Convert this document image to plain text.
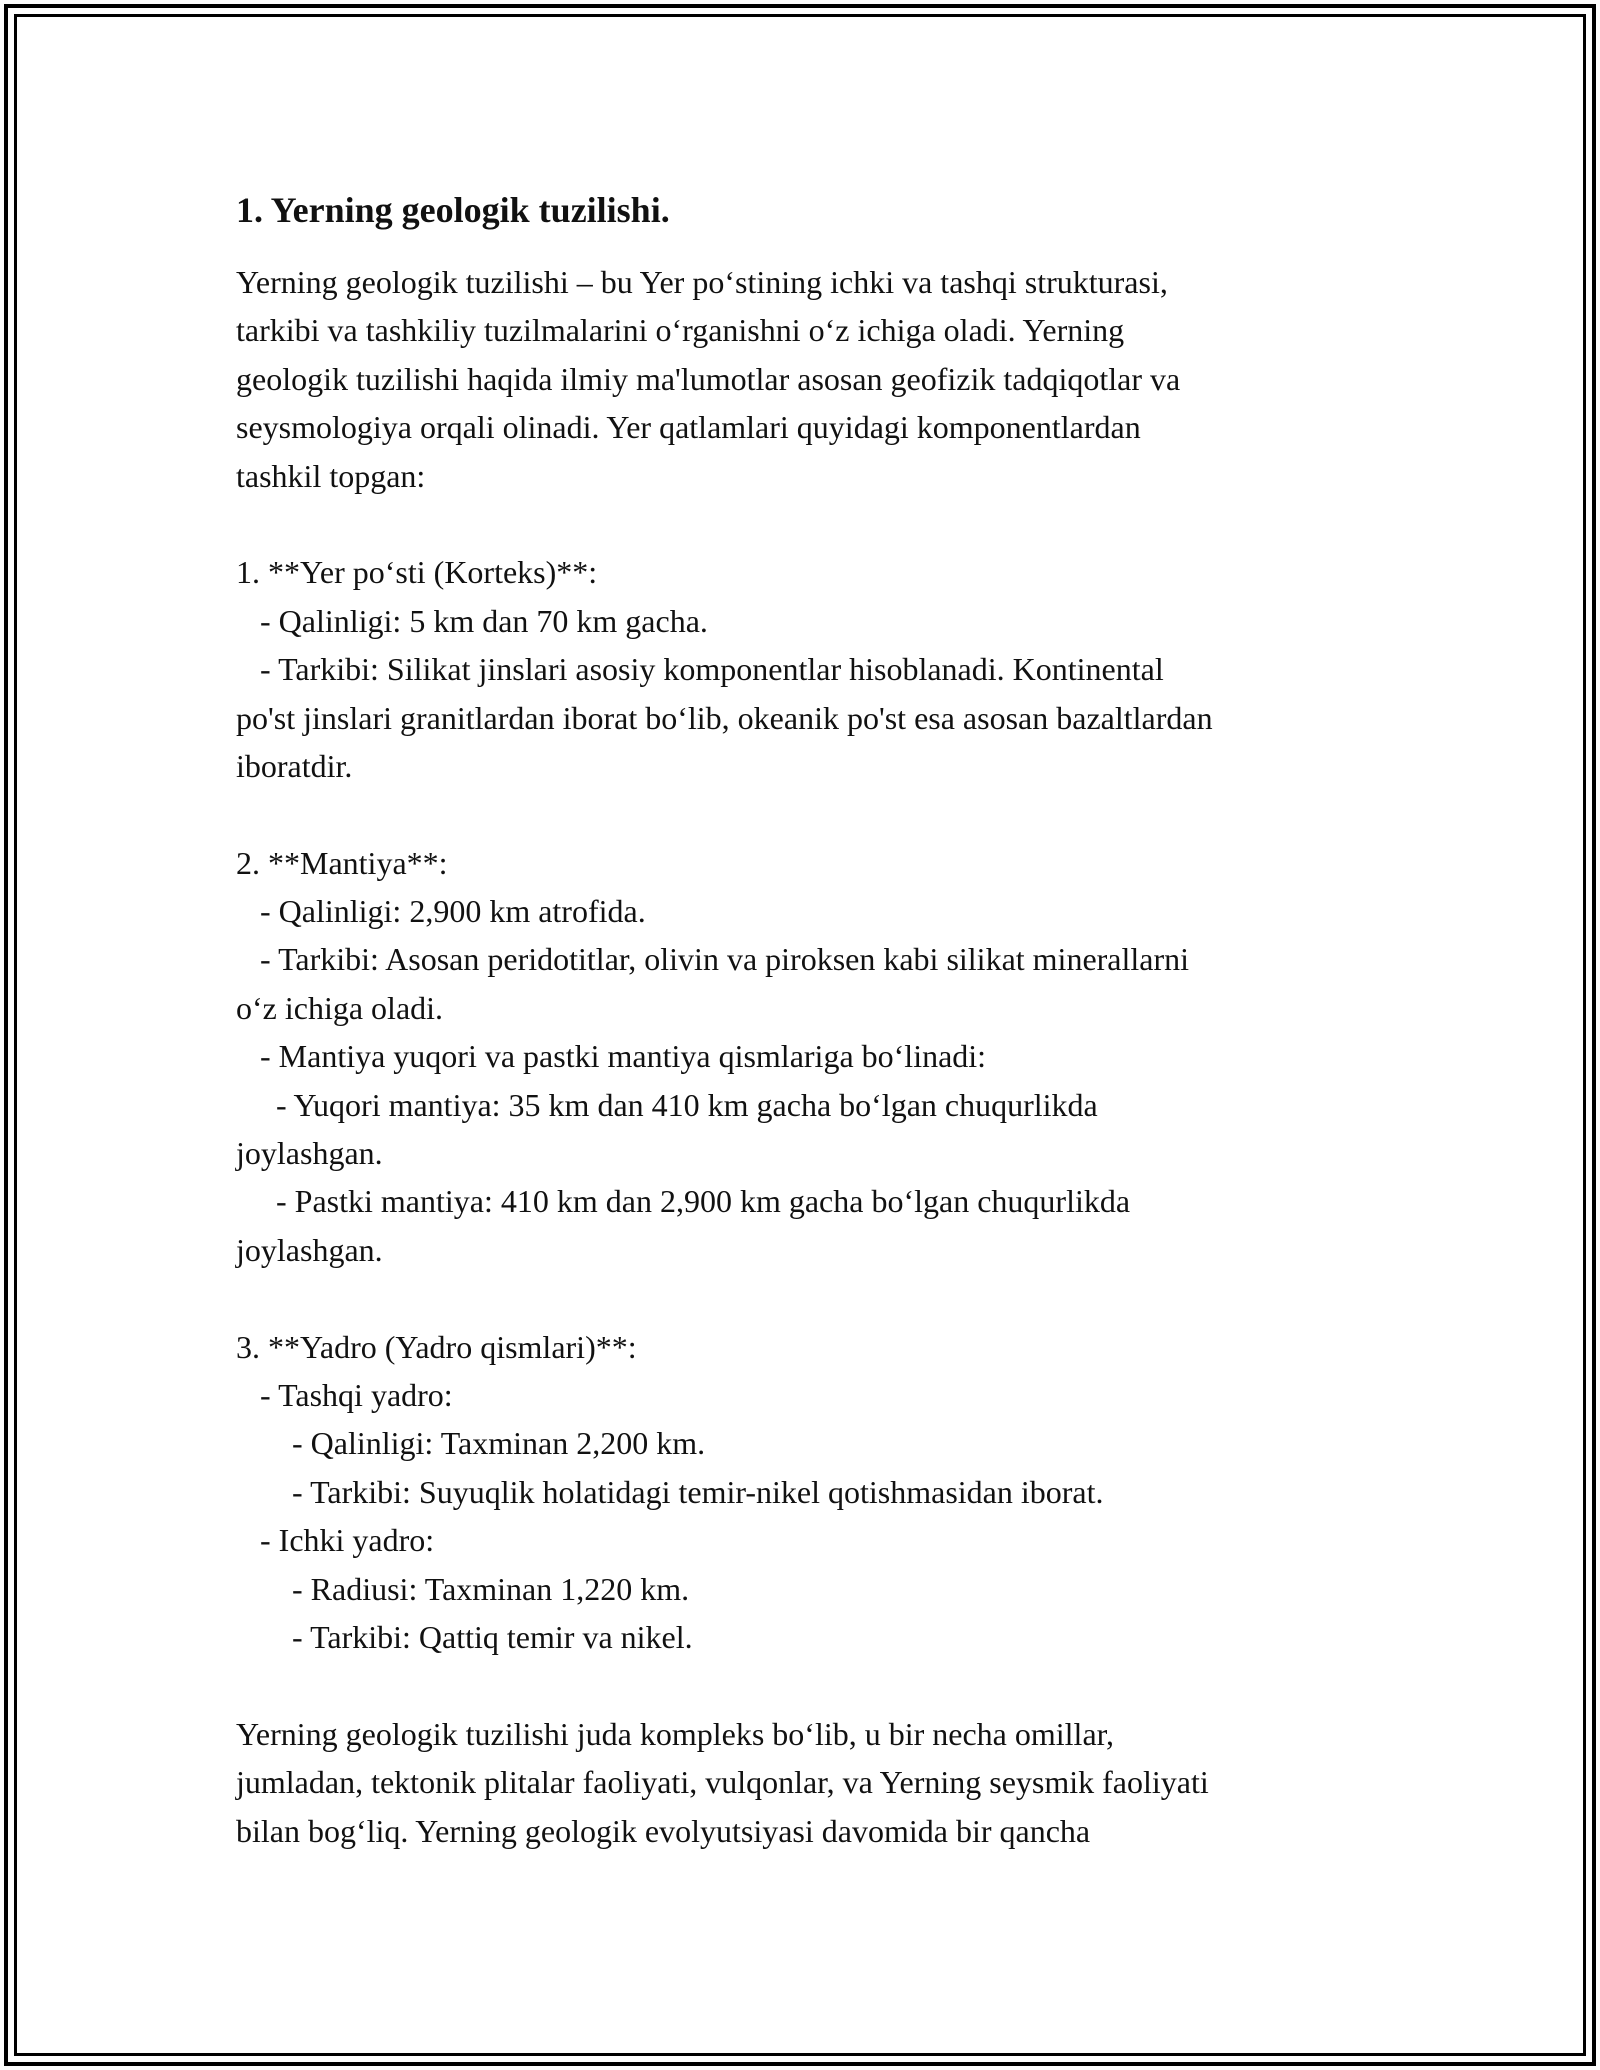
1. Yerning geologik tuzilishi.
Yerning geologik tuzilishi – bu Yer po‘stining ichki va tashqi strukturasi,
tarkibi va tashkiliy tuzilmalarini o‘rganishni o‘z ichiga oladi. Yerning
geologik tuzilishi haqida ilmiy ma'lumotlar asosan geofizik tadqiqotlar va
seysmologiya orqali olinadi. Yer qatlamlari quyidagi komponentlardan
tashkil topgan:
1. **Yer po‘sti (Korteks)**:
- Qalinligi: 5 km dan 70 km gacha.
- Tarkibi: Silikat jinslari asosiy komponentlar hisoblanadi. Kontinental
po'st jinslari granitlardan iborat bo‘lib, okeanik po'st esa asosan bazaltlardan
iboratdir.
2. **Mantiya**:
- Qalinligi: 2,900 km atrofida.
- Tarkibi: Asosan peridotitlar, olivin va piroksen kabi silikat minerallarni
o‘z ichiga oladi.
- Mantiya yuqori va pastki mantiya qismlariga bo‘linadi:
- Yuqori mantiya: 35 km dan 410 km gacha bo‘lgan chuqurlikda
joylashgan.
- Pastki mantiya: 410 km dan 2,900 km gacha bo‘lgan chuqurlikda
joylashgan.
3. **Yadro (Yadro qismlari)**:
- Tashqi yadro:
- Qalinligi: Taxminan 2,200 km.
- Tarkibi: Suyuqlik holatidagi temir-nikel qotishmasidan iborat.
- Ichki yadro:
- Radiusi: Taxminan 1,220 km.
- Tarkibi: Qattiq temir va nikel.
Yerning geologik tuzilishi juda kompleks bo‘lib, u bir necha omillar,
jumladan, tektonik plitalar faoliyati, vulqonlar, va Yerning seysmik faoliyati
bilan bog‘liq. Yerning geologik evolyutsiyasi davomida bir qancha
